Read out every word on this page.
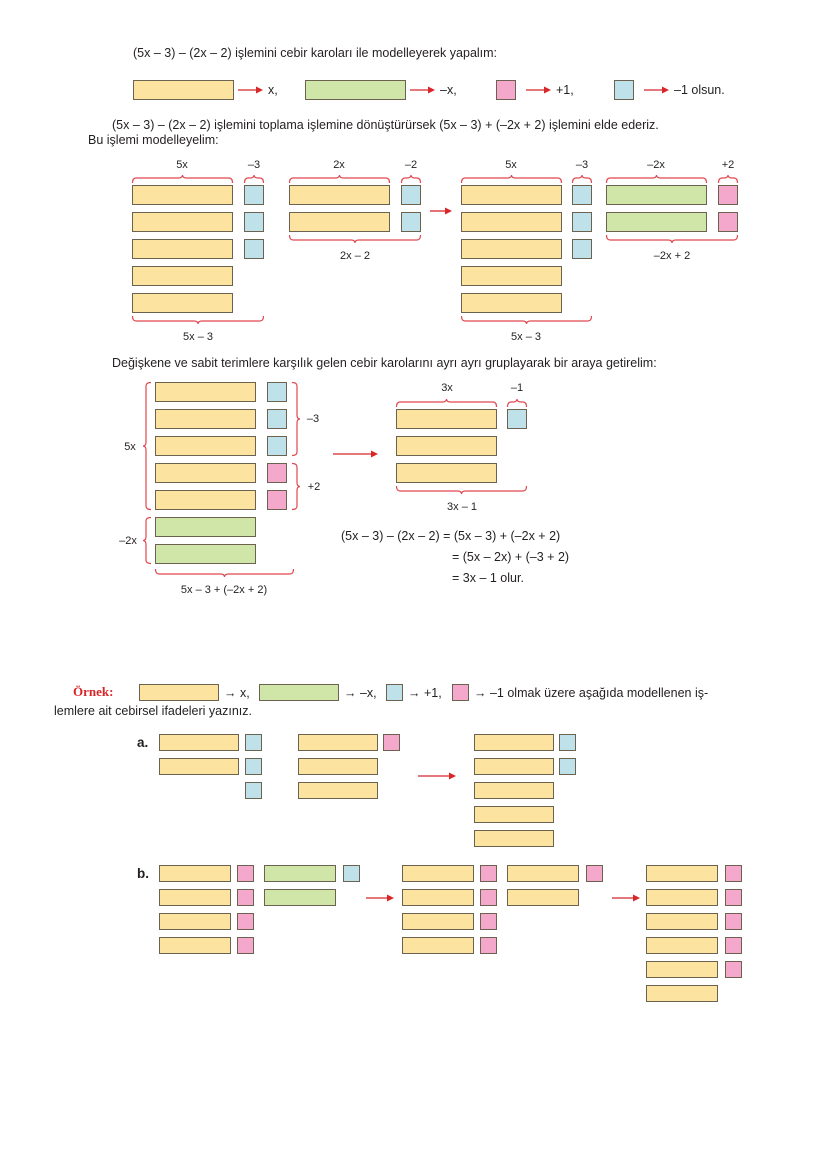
(5x – 3) – (2x – 2) işlemini cebir karoları ile modelleyerek yapalım:
(5x – 3) – (2x – 2) işlemini toplama işlemine dönüştürürsek (5x – 3) + (–2x + 2) işlemini elde ederiz.
Bu işlemi modelleyelim:
Değişkene ve sabit terimlere karşılık gelen cebir karolarını ayrı ayrı gruplayarak bir araya getirelim:
(5x – 3) – (2x – 2) = (5x – 3) + (–2x + 2)
= (5x – 2x) + (–3 + 2)
= 3x – 1 olur.
Örnek:
lemlere ait cebirsel ifadeleri yazınız.
a.
b.
x,	–x,	+1,	–1 olsun.
5x	–3
5x – 3
2x	–2
2x – 2
5x	–3
5x – 3
–2x	+2
–2x + 2
5x
–2x
–3
+2
5x – 3 + (–2x + 2)
3x	–1
3x – 1
→ x,	→ –x,	→ +1,	→ –1 olmak üzere aşağıda modellenen iş-
